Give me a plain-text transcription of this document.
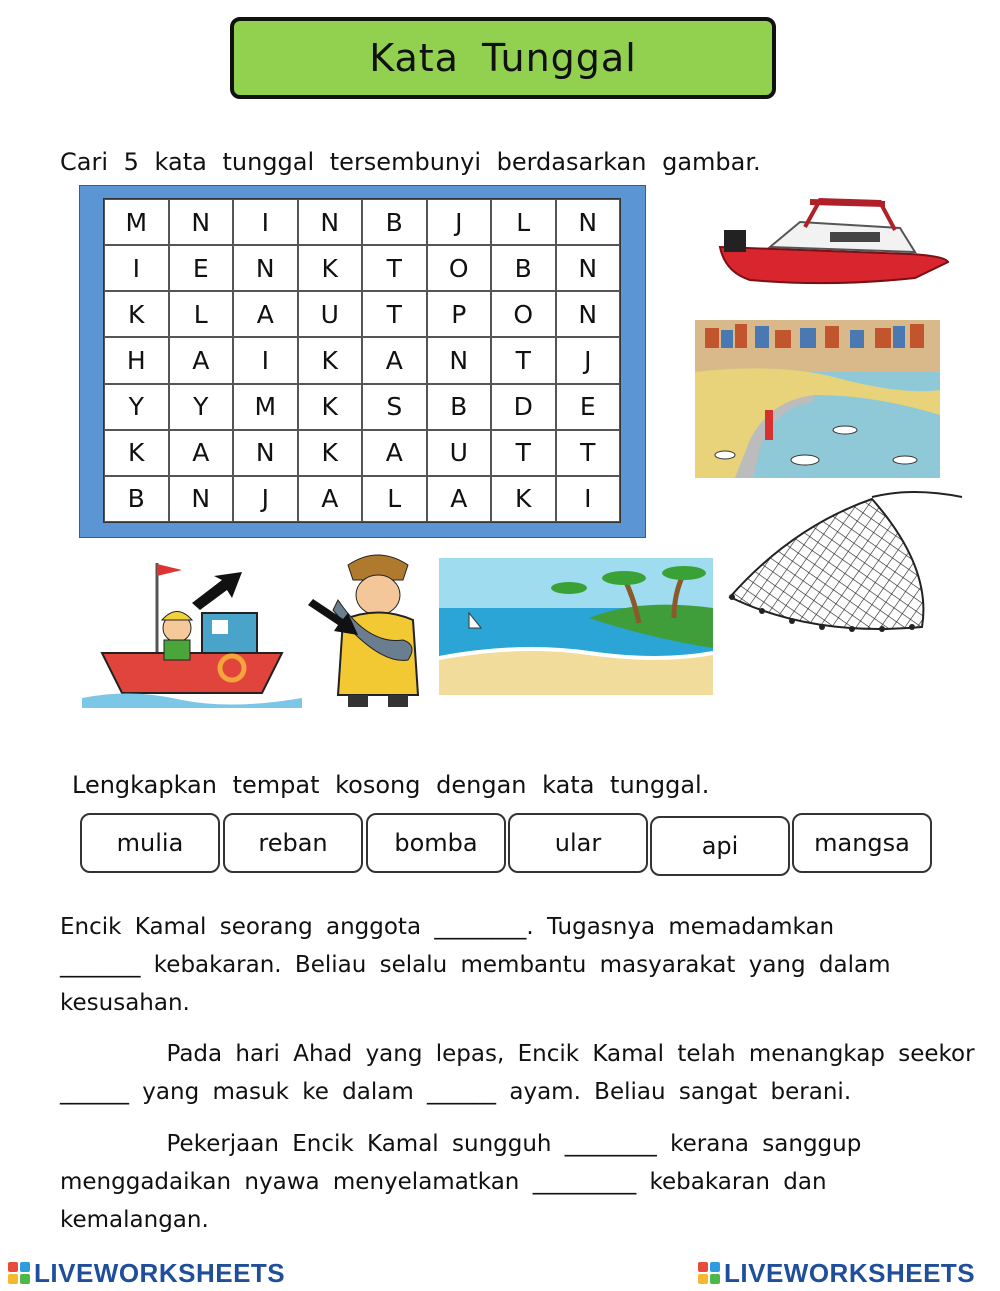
Kata Tunggal
Cari 5 kata tunggal tersembunyi berdasarkan gambar.
M	N	I	N	B	J	L	N
I	E	N	K	T	O	B	N
K	L	A	U	T	P	O	N
H	A	I	K	A	N	T	J
Y	Y	M	K	S	B	D	E
K	A	N	K	A	U	T	T
B	N	J	A	L	A	K	I
Lengkapkan tempat kosong dengan kata tunggal.
mulia	reban	bomba	ular	api	mangsa
Encik Kamal seorang anggota ________. Tugasnya memadamkan
_______ kebakaran. Beliau selalu membantu masyarakat yang dalam
kesusahan.
Pada hari Ahad yang lepas, Encik Kamal telah menangkap seekor
______ yang masuk ke dalam ______ ayam. Beliau sangat berani.
Pekerjaan Encik Kamal sungguh ________ kerana sanggup
menggadaikan nyawa menyelamatkan _________ kebakaran dan
kemalangan.
LIVEWORKSHEETS	LIVEWORKSHEETS
